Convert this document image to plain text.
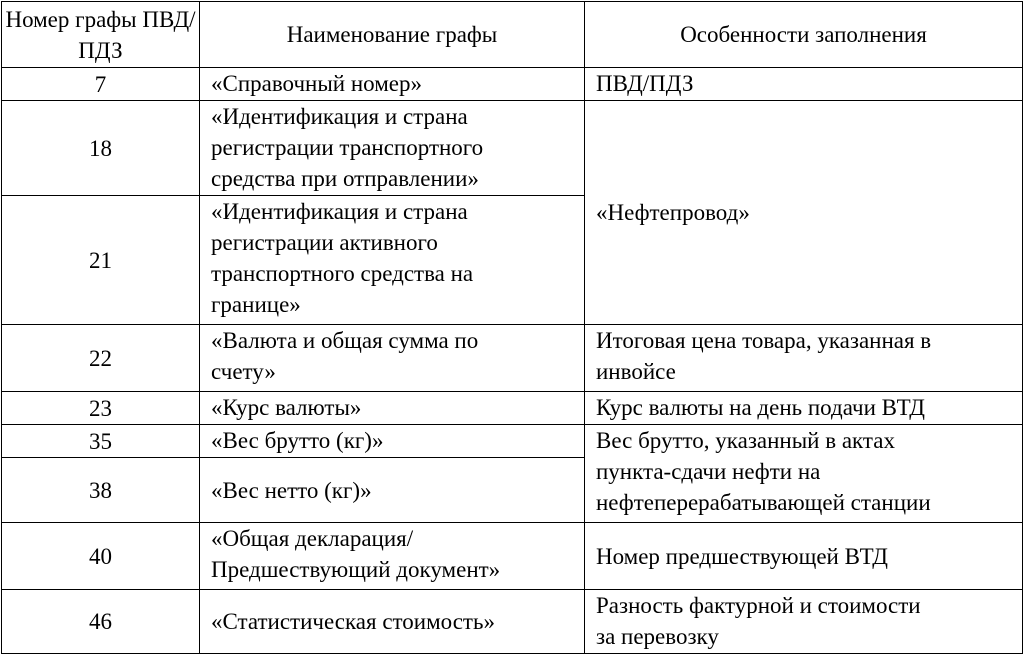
Номер графы ПВД/ПДЗ	Наименование графы	Особенности заполнения
7	«Справочный номер»	ПВД/ПДЗ
18	«Идентификация и страна
регистрации транспортного
средства при отправлении»	«Нефтепровод»
21	«Идентификация и страна
регистрации активного
транспортного средства на
границе»	
22	«Валюта и общая сумма по
счету»	Итоговая цена товара, указанная в
инвойсе
23	«Курс валюты»	Курс валюты на день подачи ВТД
35	«Вес брутто (кг)»	Вес брутто, указанный в актах
пункта-сдачи нефти на
нефтеперерабатывающей станции
38	«Вес нетто (кг)»	
40	«Общая декларация/
Предшествующий документ»	Номер предшествующей ВТД
46	«Статистическая стоимость»	Разность фактурной и стоимости
за перевозку
